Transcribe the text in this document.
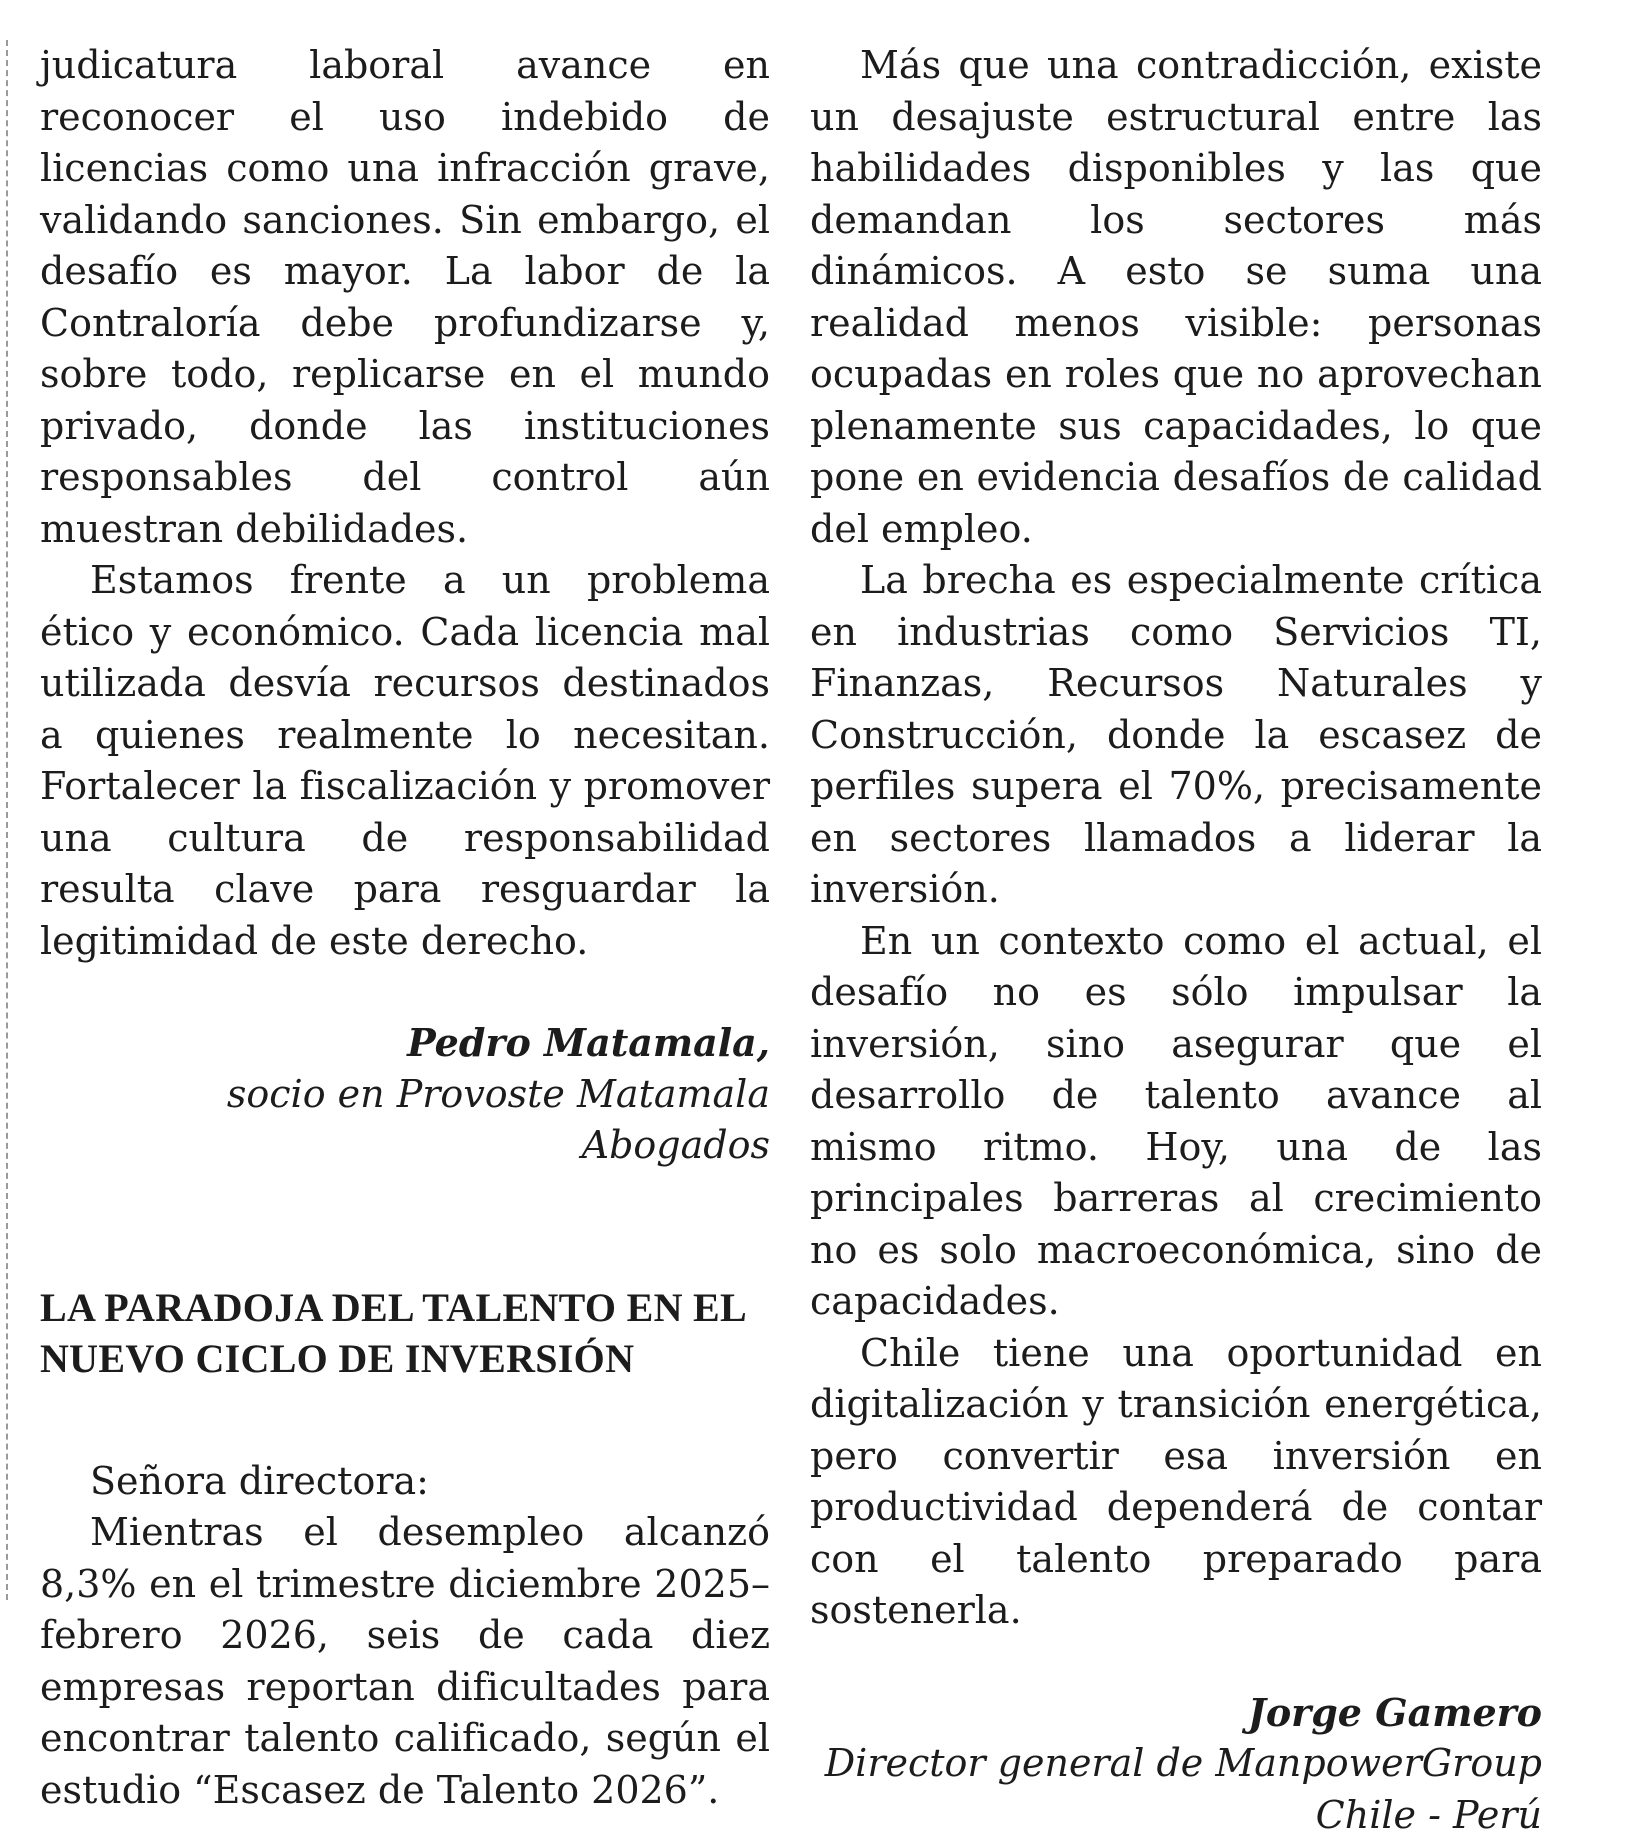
judicatura laboral avance en reconocer el uso indebido de licencias como una infracción grave, validando sanciones. Sin embargo, el desafío es mayor. La labor de la Contraloría debe profundizarse y, sobre todo, replicarse en el mundo privado, donde las instituciones responsables del control aún muestran debilidades.

Estamos frente a un problema ético y económico. Cada licencia mal utilizada desvía recursos destinados a quienes realmente lo necesitan. Fortalecer la fiscalización y promover una cultura de responsabilidad resulta clave para resguardar la legitimidad de este derecho.

Pedro Matamala,
socio en Provoste Matamala Abogados
LA PARADOJA DEL TALENTO EN EL
NUEVO CICLO DE INVERSIÓN

Señora directora:

Mientras el desempleo alcanzó 8,3% en el trimestre diciembre 2025–febrero 2026, seis de cada diez empresas reportan dificultades para encontrar talento calificado, según el estudio “Escasez de Talento 2026”.

Más que una contradicción, existe un desajuste estructural entre las habilidades disponibles y las que demandan los sectores más dinámicos. A esto se suma una realidad menos visible: personas ocupadas en roles que no aprovechan plenamente sus capacidades, lo que pone en evidencia desafíos de calidad del empleo.

La brecha es especialmente crítica en industrias como Servicios TI, Finanzas, Recursos Naturales y Construcción, donde la escasez de perfiles supera el 70%, precisamente en sectores llamados a liderar la inversión.

En un contexto como el actual, el desafío no es sólo impulsar la inversión, sino asegurar que el desarrollo de talento avance al mismo ritmo. Hoy, una de las principales barreras al crecimiento no es solo macroeconómica, sino de capacidades.

Chile tiene una oportunidad en digitalización y transición energética, pero convertir esa inversión en productividad dependerá de contar con el talento preparado para sostenerla.

Jorge Gamero
Director general de ManpowerGroup
Chile - Perú
